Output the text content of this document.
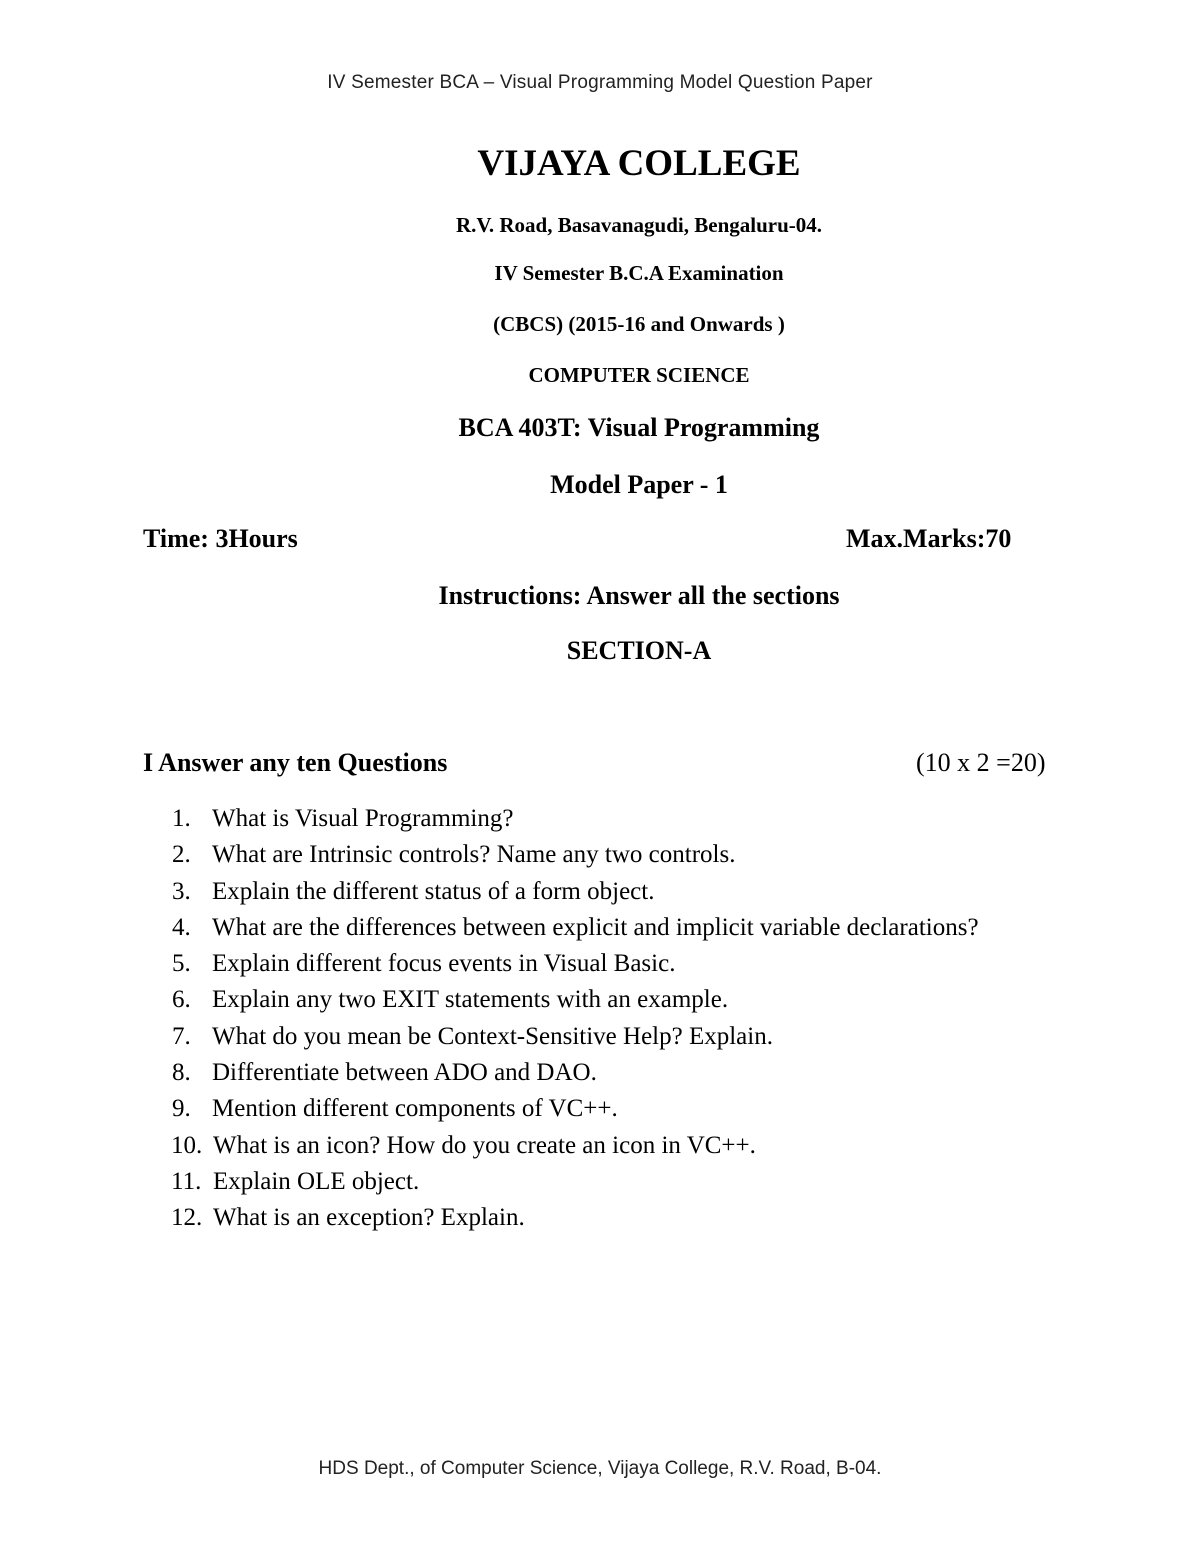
IV Semester BCA – Visual Programming Model Question Paper
VIJAYA COLLEGE
R.V. Road, Basavanagudi, Bengaluru-04.
IV Semester B.C.A Examination
(CBCS) (2015-16 and Onwards )
COMPUTER SCIENCE
BCA 403T: Visual Programming
Model Paper - 1
Time: 3Hours	Max.Marks:70
Instructions: Answer all the sections
SECTION-A
I Answer any ten Questions	(10 x 2 =20)
1. What is Visual Programming?
2. What are Intrinsic controls? Name any two controls.
3. Explain the different status of a form object.
4. What are the differences between explicit and implicit variable declarations?
5. Explain different focus events in Visual Basic.
6. Explain any two EXIT statements with an example.
7. What do you mean be Context-Sensitive Help? Explain.
8. Differentiate between ADO and DAO.
9. Mention different components of VC++.
10. What is an icon? How do you create an icon in VC++.
11. Explain OLE object.
12. What is an exception? Explain.
HDS Dept., of Computer Science, Vijaya College, R.V. Road, B-04.
